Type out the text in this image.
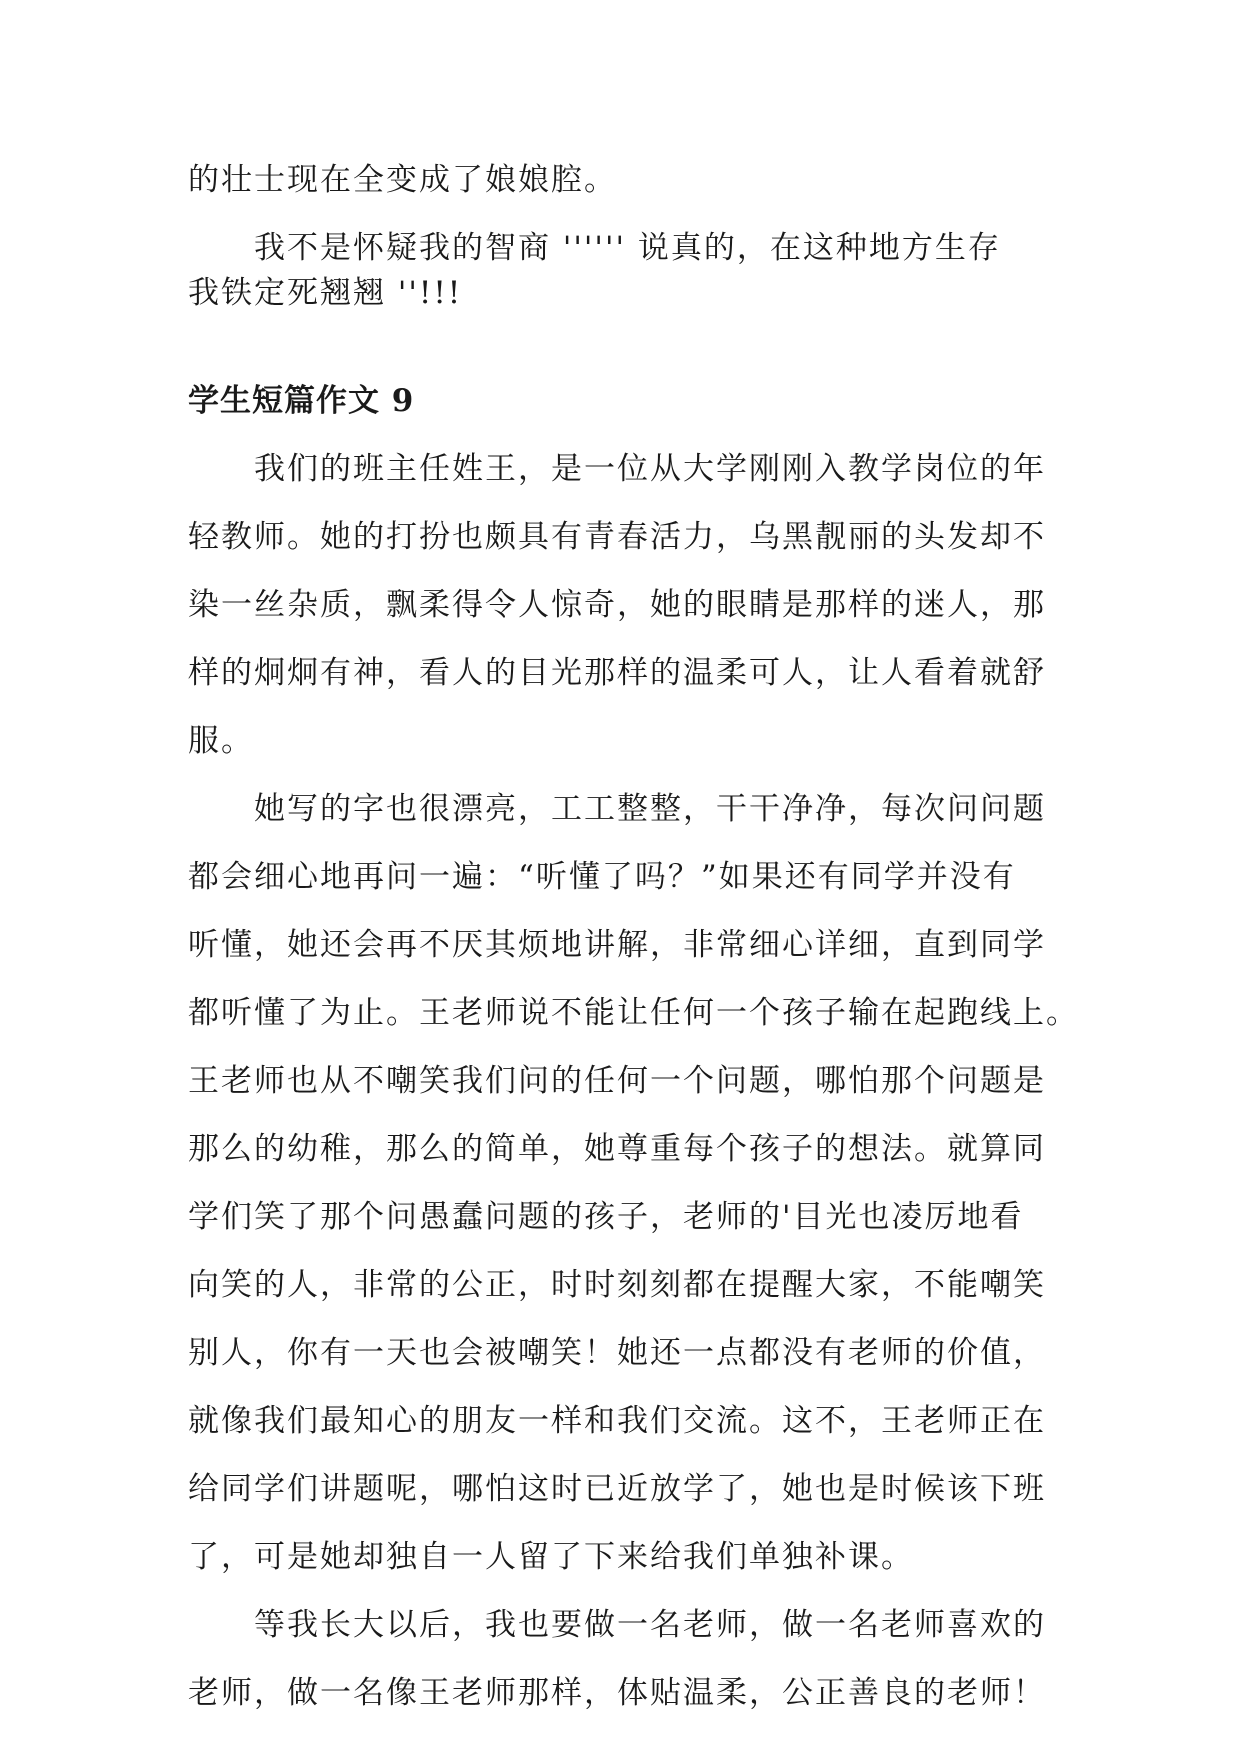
的壮士现在全变成了娘娘腔。

我不是怀疑我的智商 '''''' 说真的，在这种地方生存

我铁定死翘翘 ''!!!

学生短篇作文 9

我们的班主任姓王，是一位从大学刚刚入教学岗位的年

轻教师。她的打扮也颇具有青春活力，乌黑靓丽的头发却不

染一丝杂质，飘柔得令人惊奇，她的眼睛是那样的迷人，那

样的炯炯有神，看人的目光那样的温柔可人，让人看着就舒

服。

她写的字也很漂亮，工工整整，干干净净，每次问问题

都会细心地再问一遍：“听懂了吗？”如果还有同学并没有

听懂，她还会再不厌其烦地讲解，非常细心详细，直到同学

都听懂了为止。王老师说不能让任何一个孩子输在起跑线上。

王老师也从不嘲笑我们问的任何一个问题，哪怕那个问题是

那么的幼稚，那么的简单，她尊重每个孩子的想法。就算同

学们笑了那个问愚蠢问题的孩子，老师的'目光也凌厉地看

向笑的人，非常的公正，时时刻刻都在提醒大家，不能嘲笑

别人，你有一天也会被嘲笑！她还一点都没有老师的价值，

就像我们最知心的朋友一样和我们交流。这不，王老师正在

给同学们讲题呢，哪怕这时已近放学了，她也是时候该下班

了，可是她却独自一人留了下来给我们单独补课。

等我长大以后，我也要做一名老师，做一名老师喜欢的

老师，做一名像王老师那样，体贴温柔，公正善良的老师！
